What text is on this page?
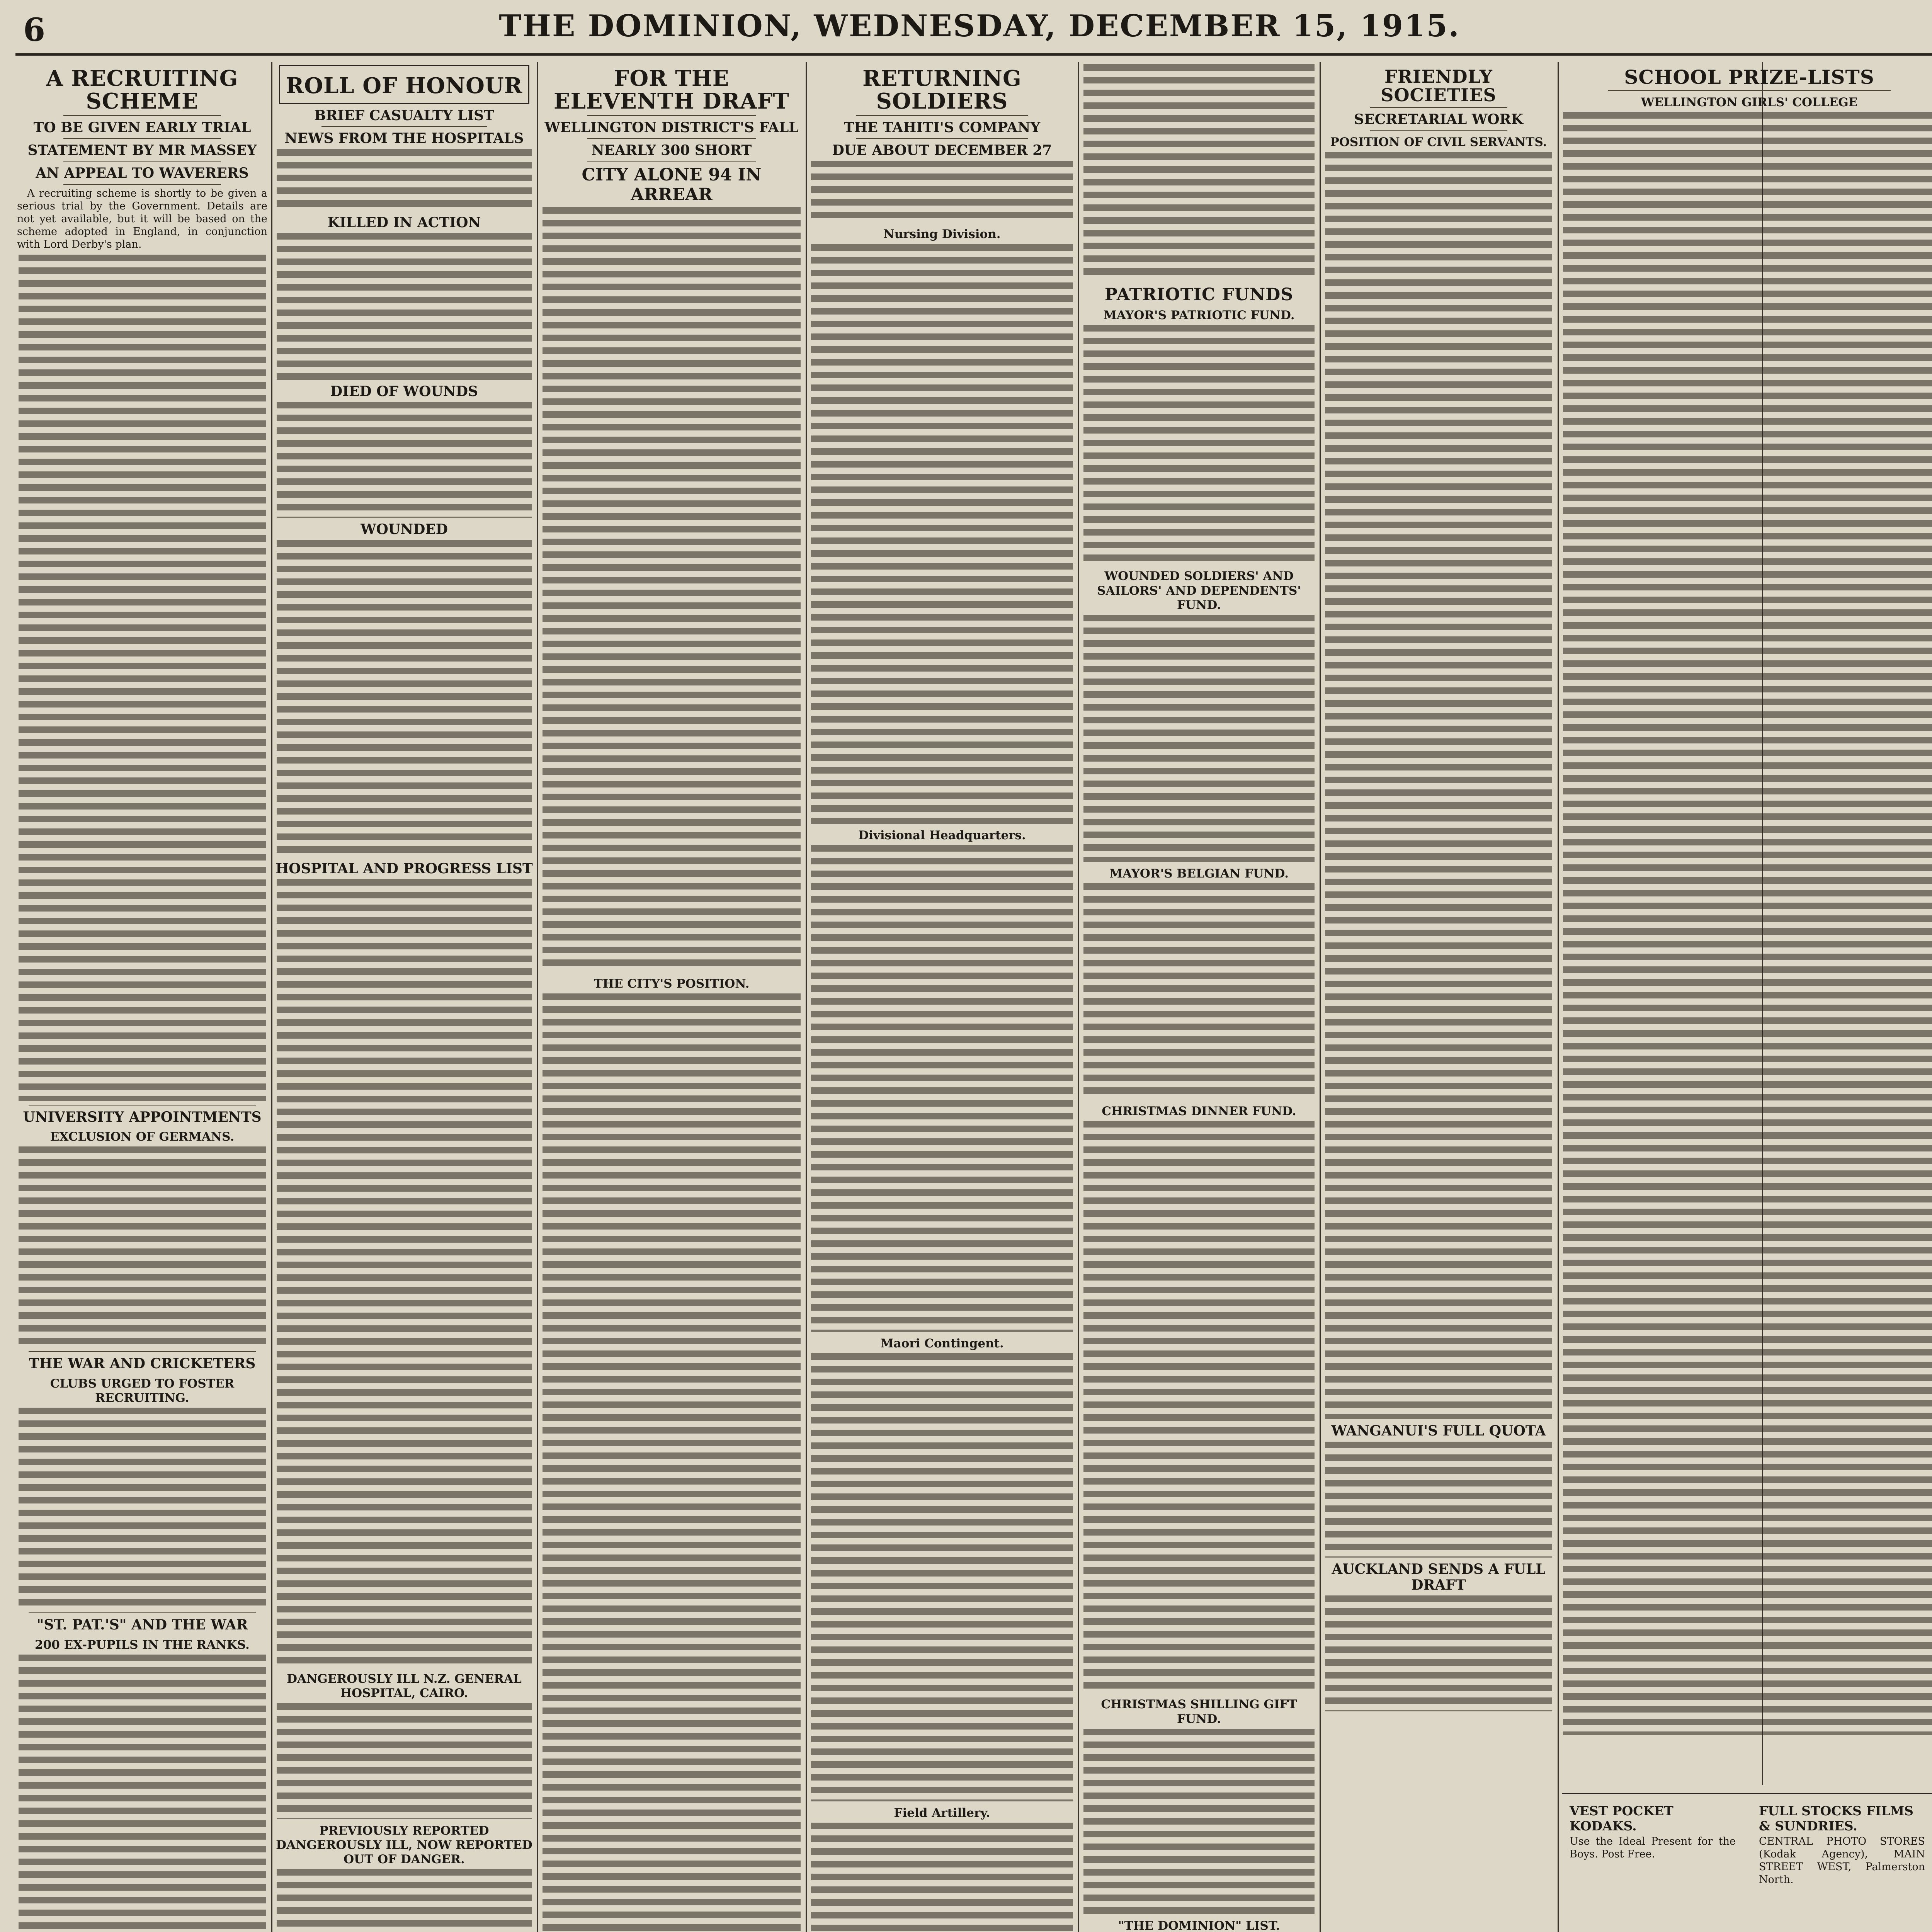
6	THE DOMINION, WEDNESDAY, DECEMBER 15, 1915.
A RECRUITING SCHEME
TO BE GIVEN EARLY TRIAL
STATEMENT BY MR MASSEY
AN APPEAL TO WAVERERS

A recruiting scheme is shortly to be given a serious trial by the Government. Details are not yet available, but it will be based on the scheme adopted in England, in conjunction with Lord Derby's plan.

UNIVERSITY APPOINTMENTS
EXCLUSION OF GERMANS.
THE WAR AND CRICKETERS
CLUBS URGED TO FOSTER RECRUITING.
"ST. PAT.'S" AND THE WAR
200 EX-PUPILS IN THE RANKS.

ROLL OF HONOUR
BRIEF CASUALTY LIST
NEWS FROM THE HOSPITALS
KILLED IN ACTION
DIED OF WOUNDS
WOUNDED
HOSPITAL AND PROGRESS LIST
DANGEROUSLY ILL N.Z. GENERAL HOSPITAL, CAIRO.
PREVIOUSLY REPORTED DANGEROUSLY ILL, NOW REPORTED OUT OF DANGER.
FOR THE ELEVENTH DRAFT
WELLINGTON DISTRICT'S FALL
NEARLY 300 SHORT
CITY ALONE 94 IN ARREAR
THE CITY'S POSITION.
RETURNING SOLDIERS
THE TAHITI'S COMPANY
DUE ABOUT DECEMBER 27
Nursing Division.
Divisional Headquarters.
Maori Contingent.
Field Artillery.
PATRIOTIC FUNDS
MAYOR'S PATRIOTIC FUND.
WOUNDED SOLDIERS' AND SAILORS' AND DEPENDENTS' FUND.
MAYOR'S BELGIAN FUND.
CHRISTMAS DINNER FUND.
CHRISTMAS SHILLING GIFT FUND.
"THE DOMINION" LIST.
FRIENDLY SOCIETIES
SECRETARIAL WORK
POSITION OF CIVIL SERVANTS.
WANGANUI'S FULL QUOTA
AUCKLAND SENDS A FULL DRAFT
SCHOOL PRIZE-LISTS
WELLINGTON GIRLS' COLLEGE
VEST POCKET KODAKS.
Use the Ideal Present for the Boys. Post Free.
FULL STOCKS FILMS & SUNDRIES.
CENTRAL PHOTO STORES (Kodak Agency), MAIN STREET WEST, Palmerston North.
